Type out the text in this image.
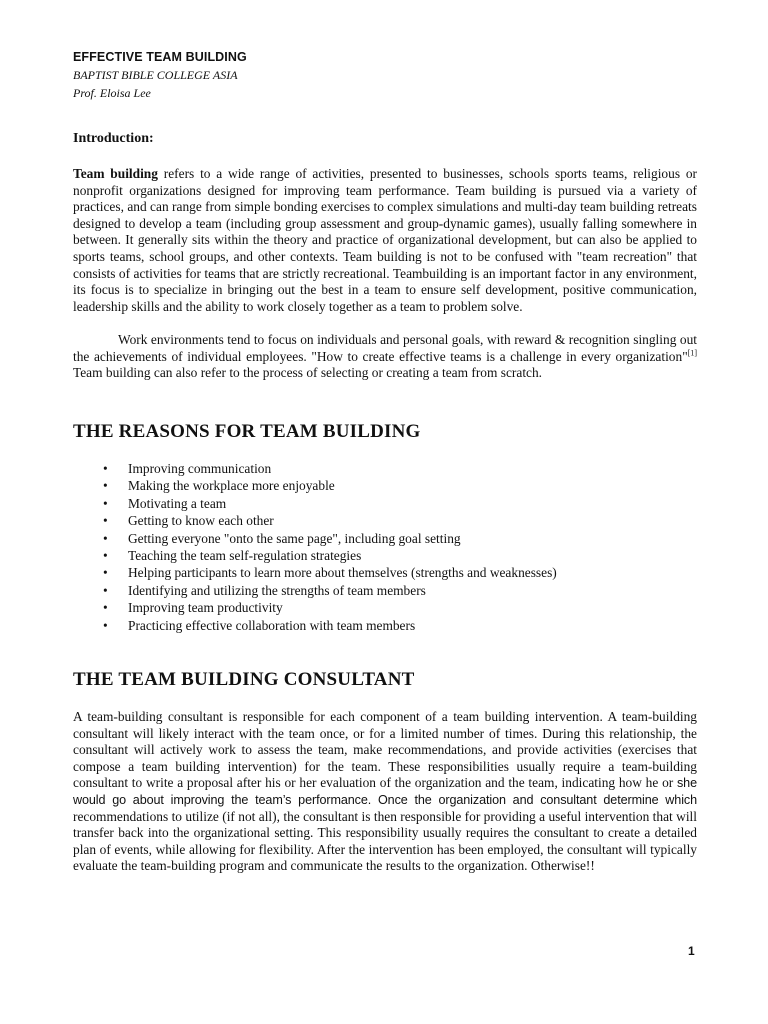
EFFECTIVE TEAM BUILDING
BAPTIST BIBLE COLLEGE ASIA
Prof. Eloisa Lee
Introduction:
Team building refers to a wide range of activities, presented to businesses, schools sports teams, religious or nonprofit organizations designed for improving team performance. Team building is pursued via a variety of practices, and can range from simple bonding exercises to complex simulations and multi-day team building retreats designed to develop a team (including group assessment and group-dynamic games), usually falling somewhere in between. It generally sits within the theory and practice of organizational development, but can also be applied to sports teams, school groups, and other contexts. Team building is not to be confused with "team recreation" that consists of activities for teams that are strictly recreational. Teambuilding is an important factor in any environment, its focus is to specialize in bringing out the best in a team to ensure self development, positive communication, leadership skills and the ability to work closely together as a team to problem solve.
Work environments tend to focus on individuals and personal goals, with reward & recognition singling out the achievements of individual employees. "How to create effective teams is a challenge in every organization"[1] Team building can also refer to the process of selecting or creating a team from scratch.
THE REASONS FOR TEAM BUILDING
• Improving communication
• Making the workplace more enjoyable
• Motivating a team
• Getting to know each other
• Getting everyone "onto the same page", including goal setting
• Teaching the team self-regulation strategies
• Helping participants to learn more about themselves (strengths and weaknesses)
• Identifying and utilizing the strengths of team members
• Improving team productivity
• Practicing effective collaboration with team members
THE TEAM BUILDING CONSULTANT
A team-building consultant is responsible for each component of a team building intervention. A team-building consultant will likely interact with the team once, or for a limited number of times. During this relationship, the consultant will actively work to assess the team, make recommendations, and provide activities (exercises that compose a team building intervention) for the team. These responsibilities usually require a team-building consultant to write a proposal after his or her evaluation of the organization and the team, indicating how he or she would go about improving the team’s performance. Once the organization and consultant determine which recommendations to utilize (if not all), the consultant is then responsible for providing a useful intervention that will transfer back into the organizational setting. This responsibility usually requires the consultant to create a detailed plan of events, while allowing for flexibility. After the intervention has been employed, the consultant will typically evaluate the team-building program and communicate the results to the organization. Otherwise!!
1
